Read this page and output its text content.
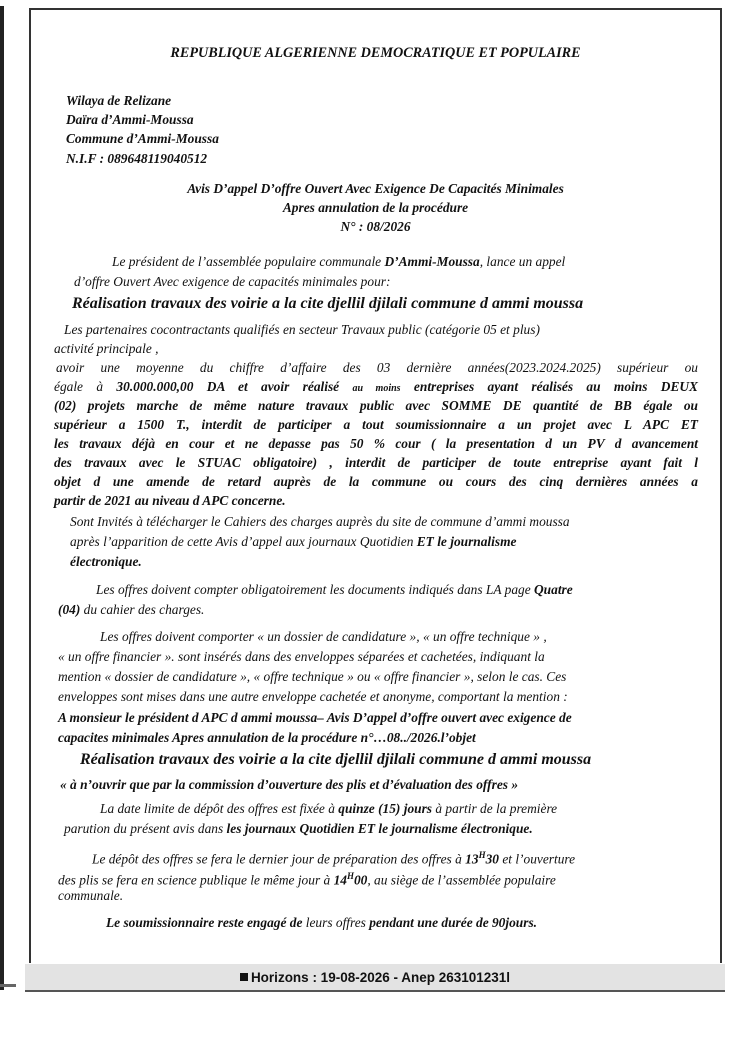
REPUBLIQUE ALGERIENNE DEMOCRATIQUE ET POPULAIRE
Wilaya de Relizane
Daïra d’Ammi-Moussa
Commune d’Ammi-Moussa
N.I.F : 089648119040512
Avis D’appel D’offre Ouvert Avec Exigence De Capacités Minimales
Apres annulation de la procédure
N° : 08/2026
Le président de l’assemblée populaire communale D’Ammi-Moussa, lance un appel
d’offre Ouvert Avec exigence de capacités minimales pour:
Réalisation travaux des voirie a la cite djellil djilali commune d ammi moussa
Les partenaires cocontractants qualifiés en secteur Travaux public (catégorie 05 et plus)
activité principale ,
avoir une moyenne du chiffre d’affaire des 03 dernière années(2023.2024.2025) supérieur ou
égale à 30.000.000,00 DA et avoir réalisé au moins entreprises ayant réalisés au moins DEUX
(02) projets marche de même nature travaux public avec SOMME DE quantité de BB égale ou
supérieur a 1500 T., interdit de participer a tout soumissionnaire a un projet avec L APC ET
les travaux déjà en cour et ne depasse pas 50 % cour ( la presentation d un PV d avancement
des travaux avec le STUAC obligatoire) , interdit de participer de toute entreprise ayant fait l
objet d une amende de retard auprès de la commune ou cours des cinq dernières années a
partir de 2021 au niveau d APC concerne.
Sont Invités à télécharger le Cahiers des charges auprès du site de commune d’ammi moussa
après l’apparition de cette Avis d’appel aux journaux Quotidien ET le journalisme
électronique.
Les offres doivent compter obligatoirement les documents indiqués dans LA page Quatre
(04) du cahier des charges.
Les offres doivent comporter « un dossier de candidature », « un offre technique » ,
« un offre financier ». sont insérés dans des enveloppes séparées et cachetées, indiquant la
mention « dossier de candidature », « offre technique » ou « offre financier », selon le cas. Ces
enveloppes sont mises dans une autre enveloppe cachetée et anonyme, comportant la mention :
A monsieur le président d APC d ammi moussa– Avis D’appel d’offre ouvert avec exigence de
capacites minimales Apres annulation de la procédure n°…08../2026.l’objet
Réalisation travaux des voirie a la cite djellil djilali commune d ammi moussa
« à n’ouvrir que par la commission d’ouverture des plis et d’évaluation des offres »
La date limite de dépôt des offres est fixée à quinze (15) jours à partir de la première
parution du présent avis dans les journaux Quotidien ET le journalisme électronique.
Le dépôt des offres se fera le dernier jour de préparation des offres à $13^H30$ et l’ouverture
des plis se fera en science publique le même jour à $14^H00$, au siège de l’assemblée populaire
communale.
Le soumissionnaire reste engagé de leurs offres pendant une durée de 90jours.
Horizons : 19-08-2026 - Anep 263101231l
